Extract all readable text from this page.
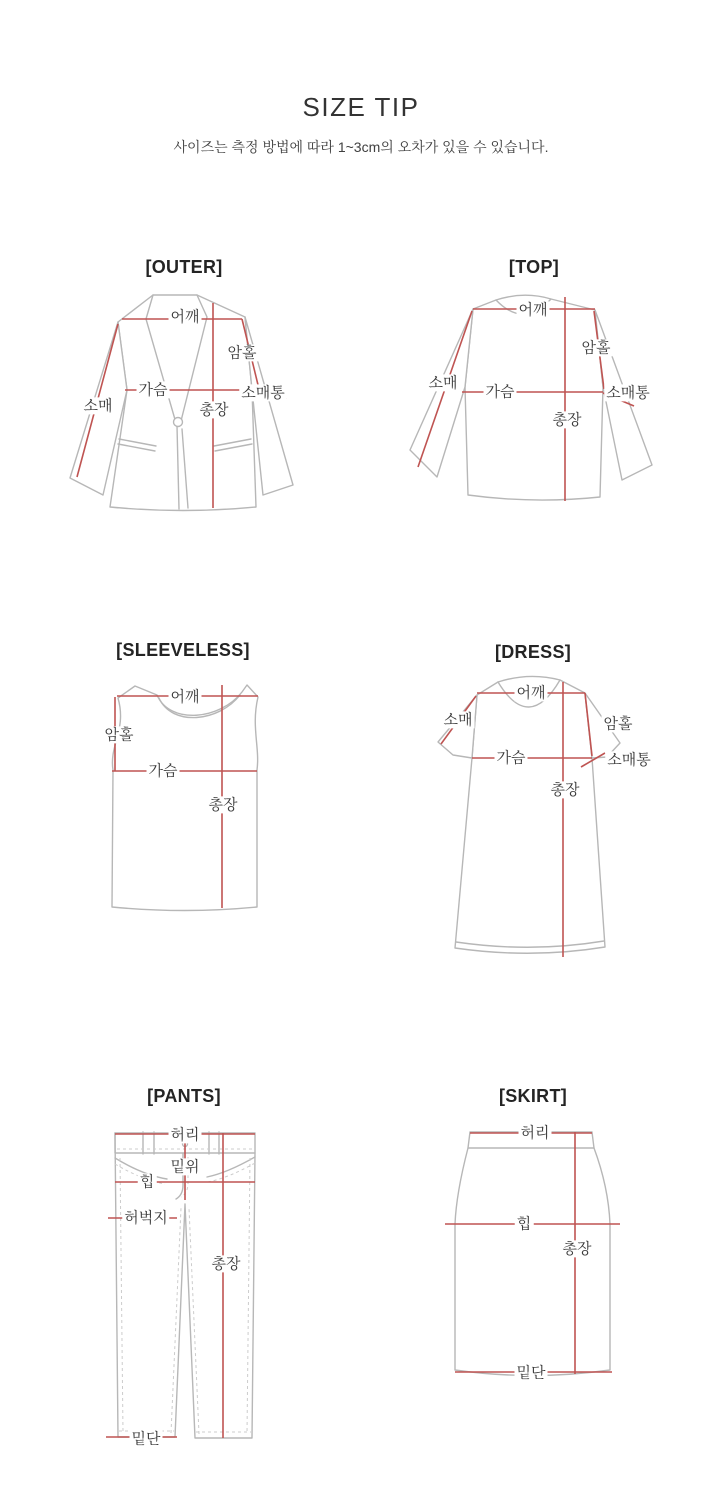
SIZE TIP

사이즈는 측정 방법에 따라 1~3cm의 오차가 있을 수 있습니다.

[OUTER]
어깨
암홀
가슴
소매
소매통
총장
[TOP]
어깨
암홀
가슴
소매
소매통
총장
[SLEEVELESS]
어깨
암홀
가슴
총장
[DRESS]
어깨
소매	암홀
가슴	소매통
총장
[PANTS]
허리
밑위
힙
허벅지
총장
밑단
[SKIRT]
허리
힙
총장
밑단
